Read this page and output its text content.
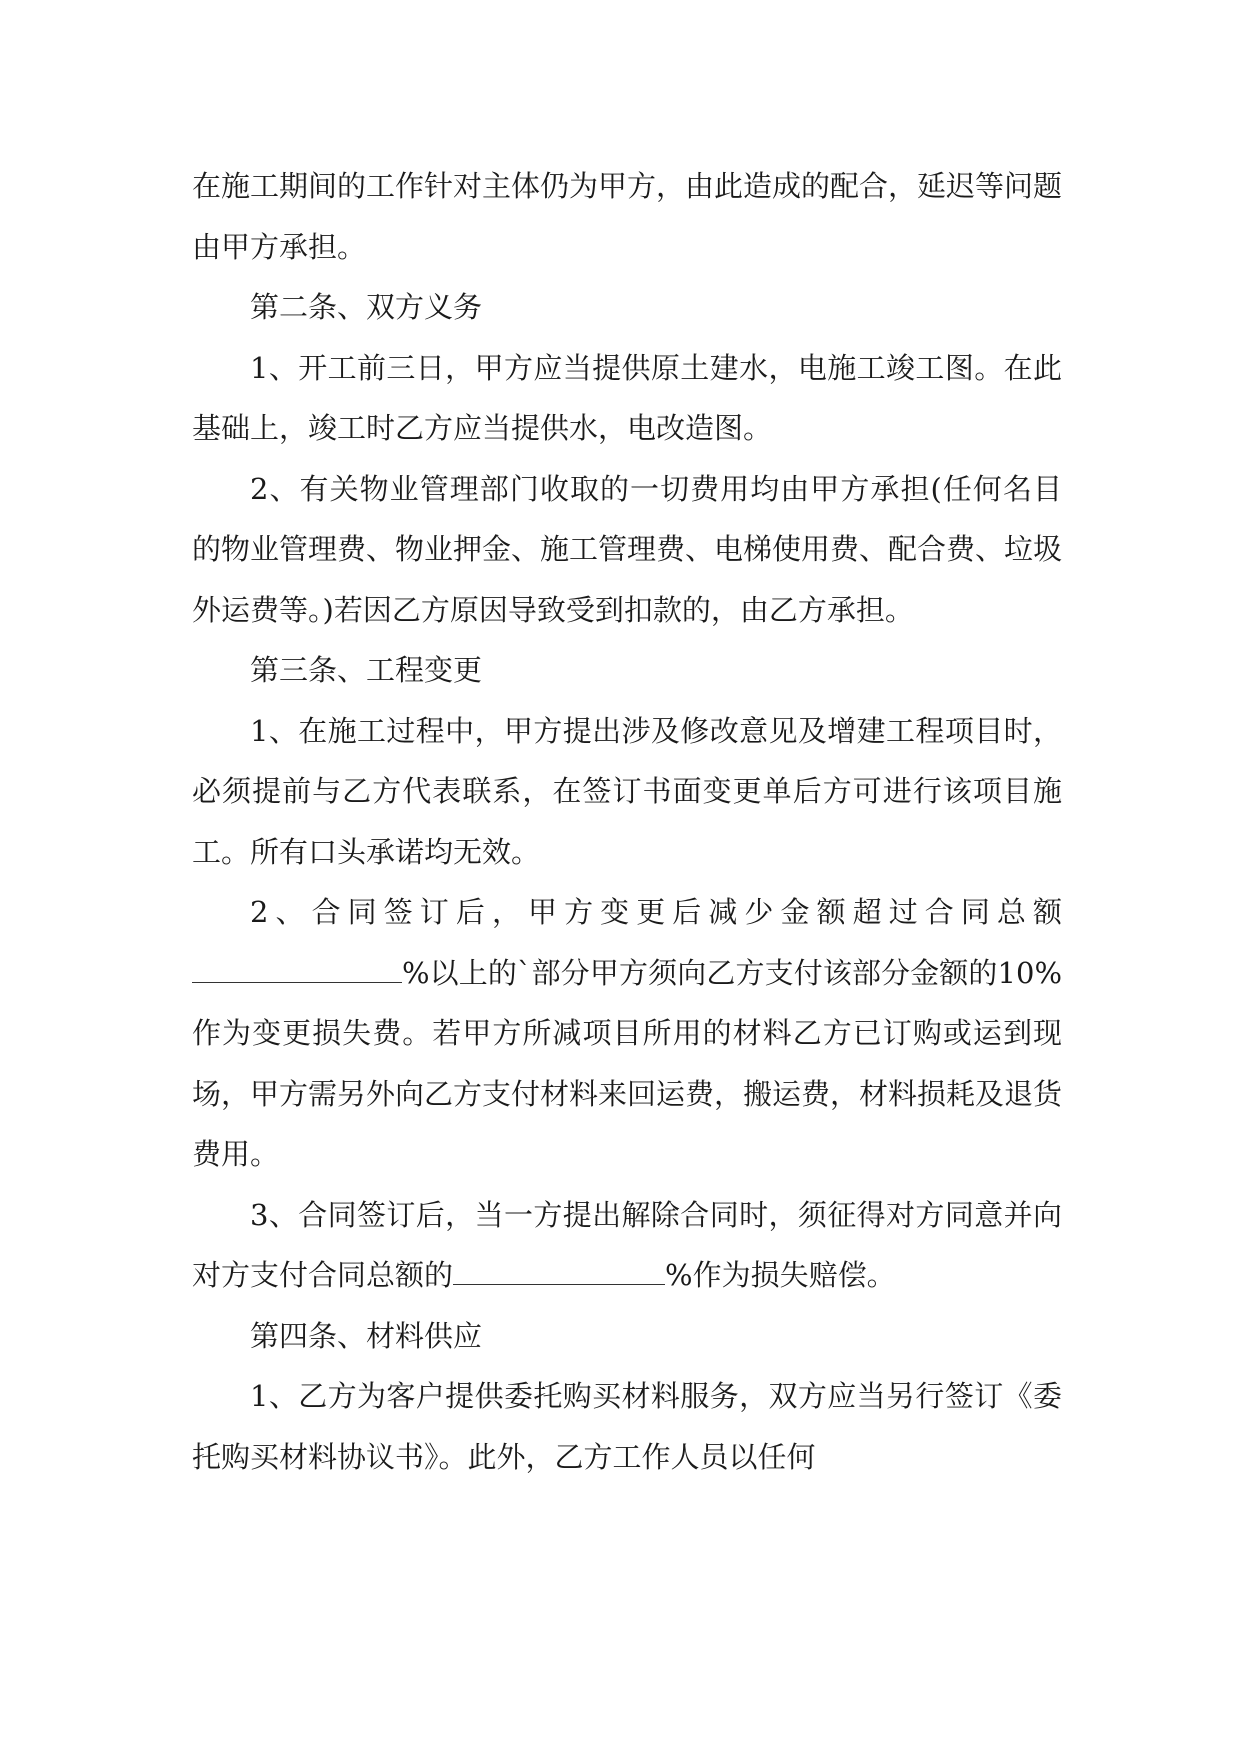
在施工期间的工作针对主体仍为甲方，由此造成的配合，延迟等问题由甲方承担。

第二条、双方义务

1、开工前三日，甲方应当提供原土建水，电施工竣工图。在此基础上，竣工时乙方应当提供水，电改造图。

2、有关物业管理部门收取的一切费用均由甲方承担(任何名目的物业管理费、物业押金、施工管理费、电梯使用费、配合费、垃圾外运费等。)若因乙方原因导致受到扣款的，由乙方承担。

第三条、工程变更

1、在施工过程中，甲方提出涉及修改意见及增建工程项目时，必须提前与乙方代表联系，在签订书面变更单后方可进行该项目施工。所有口头承诺均无效。

2、合同签订后，甲方变更后减少金额超过合同总额%以上的`部分甲方须向乙方支付该部分金额的10%作为变更损失费。若甲方所减项目所用的材料乙方已订购或运到现场，甲方需另外向乙方支付材料来回运费，搬运费，材料损耗及退货费用。

3、合同签订后，当一方提出解除合同时，须征得对方同意并向对方支付合同总额的	%作为损失赔偿。

第四条、材料供应

1、乙方为客户提供委托购买材料服务，双方应当另行签订《委托购买材料协议书》。此外，乙方工作人员以任何
